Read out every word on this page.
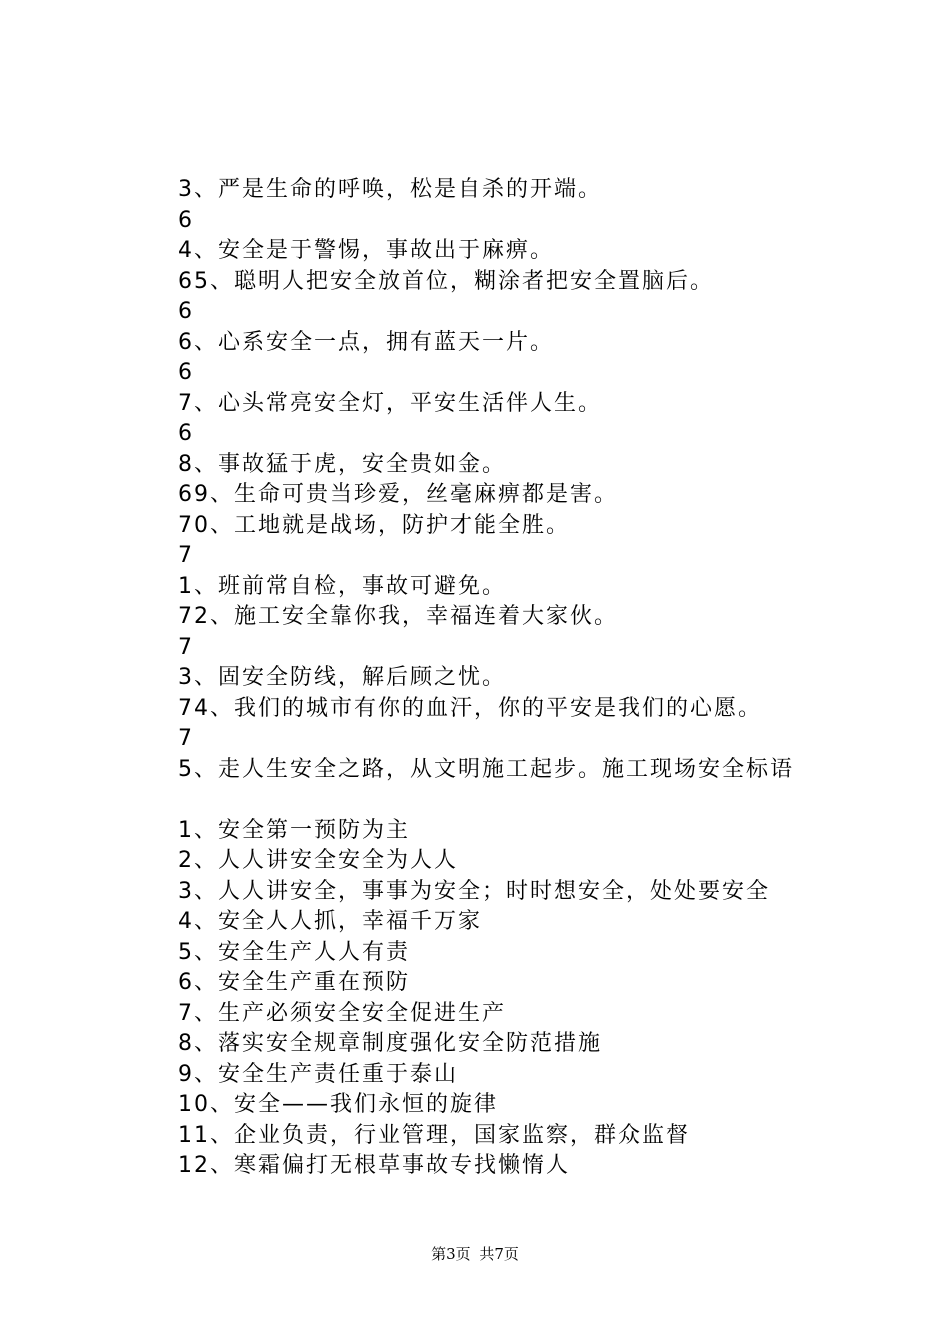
3、严是生命的呼唤，松是自杀的开端。
6
4、安全是于警惕，事故出于麻痹。
65、聪明人把安全放首位，糊涂者把安全置脑后。
6
6、心系安全一点，拥有蓝天一片。
6
7、心头常亮安全灯，平安生活伴人生。
6
8、事故猛于虎，安全贵如金。
69、生命可贵当珍爱，丝毫麻痹都是害。
70、工地就是战场，防护才能全胜。
7
1、班前常自检，事故可避免。
72、施工安全靠你我，幸福连着大家伙。
7
3、固安全防线，解后顾之忧。
74、我们的城市有你的血汗，你的平安是我们的心愿。
7
5、走人生安全之路，从文明施工起步。施工现场安全标语
1、安全第一预防为主
2、人人讲安全安全为人人
3、人人讲安全，事事为安全；时时想安全，处处要安全
4、安全人人抓，幸福千万家
5、安全生产人人有责
6、安全生产重在预防
7、生产必须安全安全促进生产
8、落实安全规章制度强化安全防范措施
9、安全生产责任重于泰山
10、安全——我们永恒的旋律
11、企业负责，行业管理，国家监察，群众监督
12、寒霜偏打无根草事故专找懒惰人
第3页 共7页
